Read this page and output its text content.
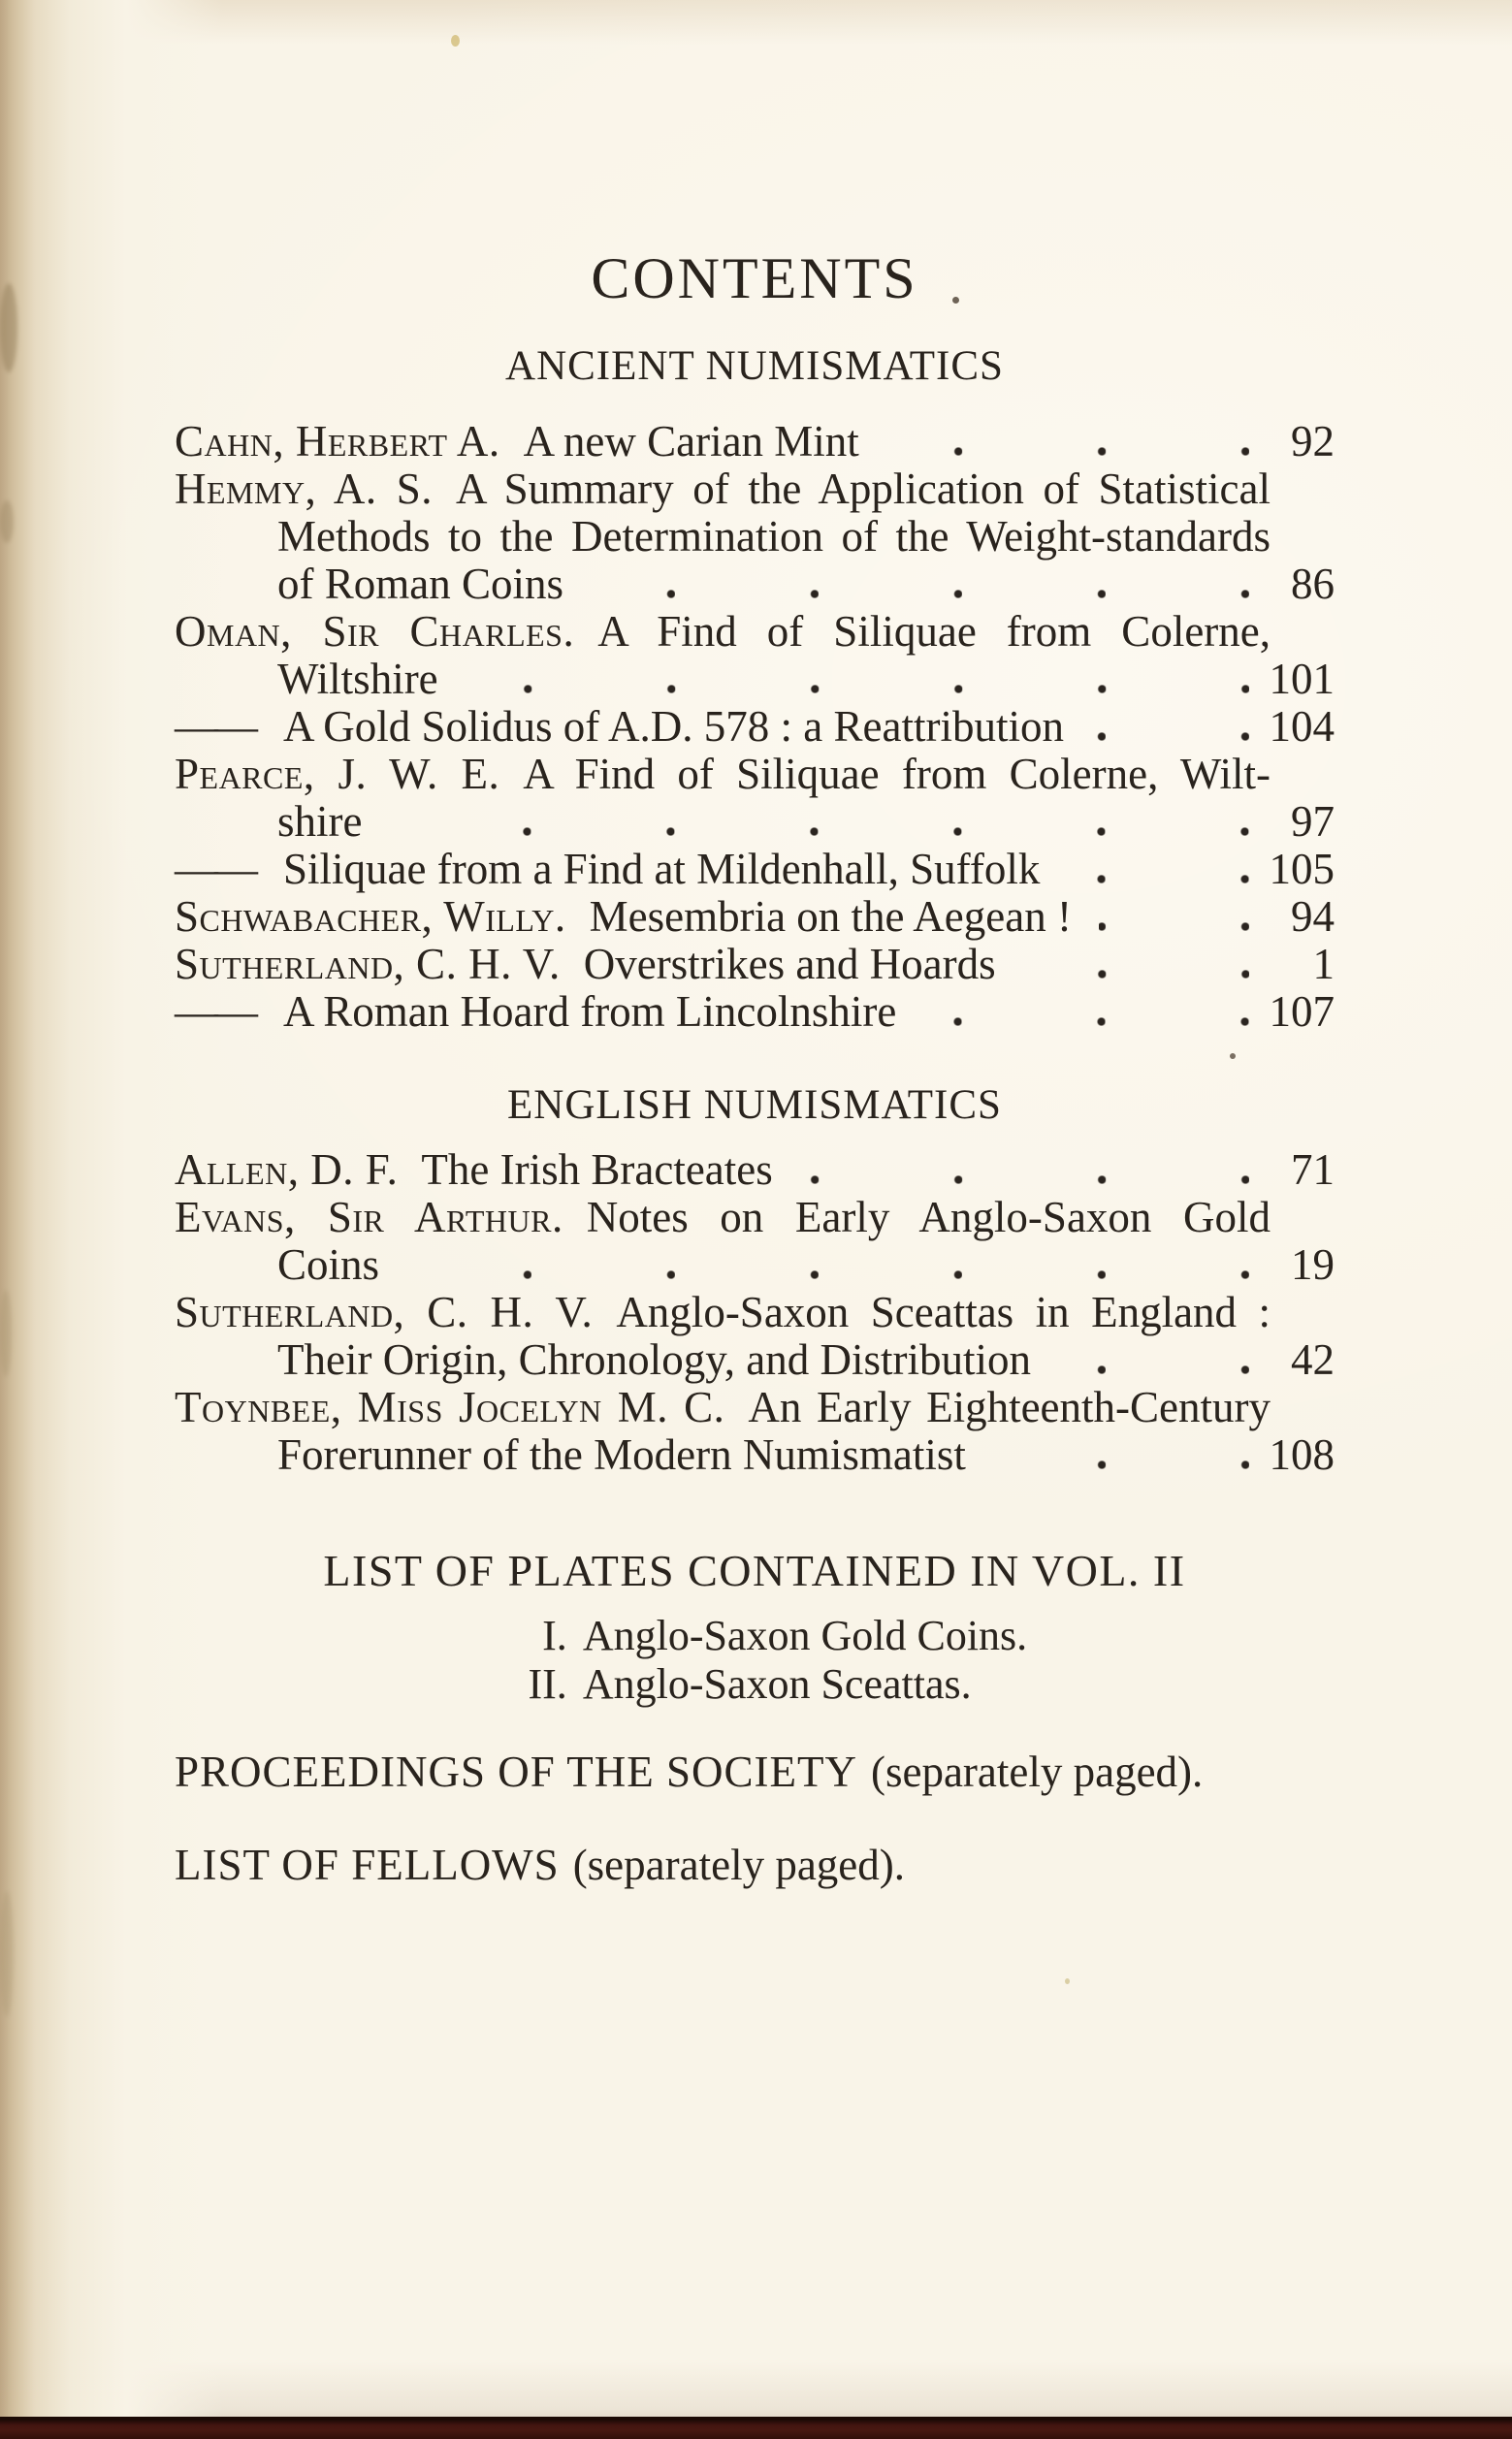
CONTENTS
ANCIENT NUMISMATICS
Cahn, Herbert A. A new Carian Mint	92
Hemmy, A. S. A Summary of the Application of Statistical
Methods to the Determination of the Weight-standards
of Roman Coins	86
Oman, Sir Charles. A Find of Siliquae from Colerne,
Wiltshire	101
—— A Gold Solidus of A.D. 578 : a Reattribution	104
Pearce, J. W. E. A Find of Siliquae from Colerne, Wilt-
shire	97
—— Siliquae from a Find at Mildenhall, Suffolk	105
Schwabacher, Willy. Mesembria on the Aegean !	94
Sutherland, C. H. V. Overstrikes and Hoards	1
—— A Roman Hoard from Lincolnshire	107
ENGLISH NUMISMATICS
Allen, D. F. The Irish Bracteates	71
Evans, Sir Arthur. Notes on Early Anglo-Saxon Gold
Coins	19
Sutherland, C. H. V. Anglo-Saxon Sceattas in England :
Their Origin, Chronology, and Distribution	42
Toynbee, Miss Jocelyn M. C. An Early Eighteenth-Century
Forerunner of the Modern Numismatist	108
LIST OF PLATES CONTAINED IN VOL. II
I. Anglo-Saxon Gold Coins.
II. Anglo-Saxon Sceattas.
PROCEEDINGS OF THE SOCIETY (separately paged).
LIST OF FELLOWS (separately paged).
